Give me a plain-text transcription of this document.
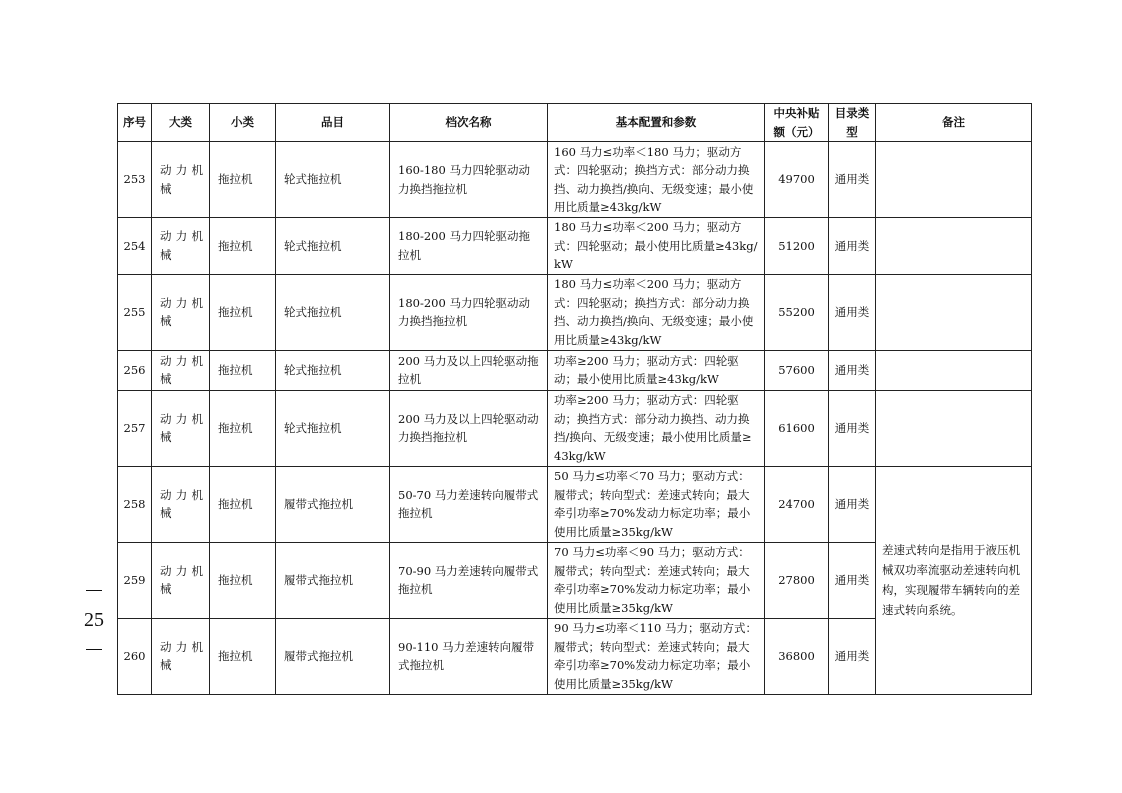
25
序号	大类	小类	品目	档次名称	基本配置和参数	中央补贴额（元）	目录类型	备注
253	动力机械	拖拉机	轮式拖拉机	160-180 马力四轮驱动动力换挡拖拉机	160 马力≤功率＜180 马力；驱动方式：四轮驱动；换挡方式：部分动力换挡、动力换挡/换向、无级变速；最小使用比质量≥43kg/kW	49700	通用类	
254	动力机械	拖拉机	轮式拖拉机	180-200 马力四轮驱动拖拉机	180 马力≤功率＜200 马力；驱动方式：四轮驱动；最小使用比质量≥43kg/kW	51200	通用类	
255	动力机械	拖拉机	轮式拖拉机	180-200 马力四轮驱动动力换挡拖拉机	180 马力≤功率＜200 马力；驱动方式：四轮驱动；换挡方式：部分动力换挡、动力换挡/换向、无级变速；最小使用比质量≥43kg/kW	55200	通用类	
256	动力机械	拖拉机	轮式拖拉机	200 马力及以上四轮驱动拖拉机	功率≥200 马力；驱动方式：四轮驱动；最小使用比质量≥43kg/kW	57600	通用类	
257	动力机械	拖拉机	轮式拖拉机	200 马力及以上四轮驱动动力换挡拖拉机	功率≥200 马力；驱动方式：四轮驱动；换挡方式：部分动力换挡、动力换挡/换向、无级变速；最小使用比质量≥43kg/kW	61600	通用类	
258	动力机械	拖拉机	履带式拖拉机	50-70 马力差速转向履带式拖拉机	50 马力≤功率＜70 马力；驱动方式：履带式；转向型式：差速式转向；最大牵引功率≥70%发动力标定功率；最小使用比质量≥35kg/kW	24700	通用类	差速式转向是指用于液压机械双功率流驱动差速转向机构，实现履带车辆转向的差速式转向系统。
259	动力机械	拖拉机	履带式拖拉机	70-90 马力差速转向履带式拖拉机	70 马力≤功率＜90 马力；驱动方式：履带式；转向型式：差速式转向；最大牵引功率≥70%发动力标定功率；最小使用比质量≥35kg/kW	27800	通用类	
260	动力机械	拖拉机	履带式拖拉机	90-110 马力差速转向履带式拖拉机	90 马力≤功率＜110 马力；驱动方式：履带式；转向型式：差速式转向；最大牵引功率≥70%发动力标定功率；最小使用比质量≥35kg/kW	36800	通用类	
